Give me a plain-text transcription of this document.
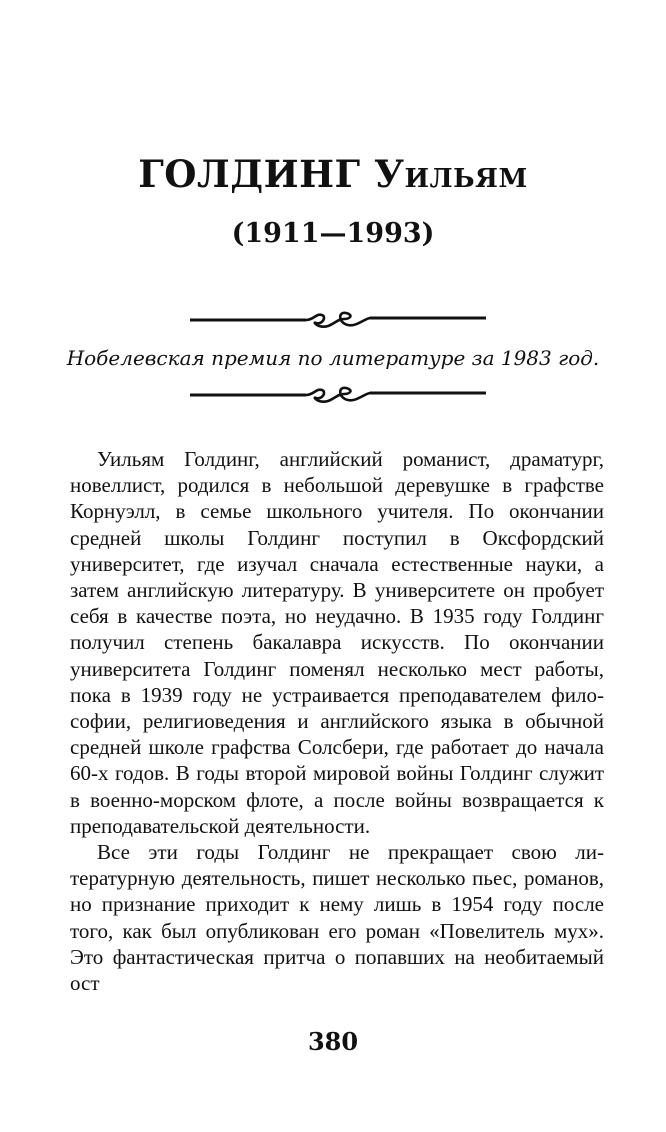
ГОЛДИНГ Уильям
(1911—1993)
Нобелевская премия по литературе за 1983 год.

Уильям Голдинг, английский романист, драматург, новеллист, родился в небольшой деревушке в графстве Корнуэлл, в семье школьного учителя. По окончании средней школы Голдинг поступил в Оксфордский университет, где изучал сначала естественные науки, а затем английскую литературу. В университете он пробует себя в качестве поэта, но неудачно. В 1935 году Голдинг получил степень бакалавра искусств. По окончании университета Голдинг поменял несколько мест работы, пока в 1939 году не устраивается преподавателем философии, религиоведения и английского языка в обычной средней школе графства Солсбери, где работает до начала 60-х годов. В годы второй мировой войны Голдинг служит в военно-морском флоте, а после войны возвращается к преподавательской деятельности.

Все эти годы Голдинг не прекращает свою литературную деятельность, пишет несколько пьес, романов, но признание приходит к нему лишь в 1954 году после того, как был опубликован его роман «Повелитель мух». Это фантастическая притча о попавших на необитаемый ост

380
